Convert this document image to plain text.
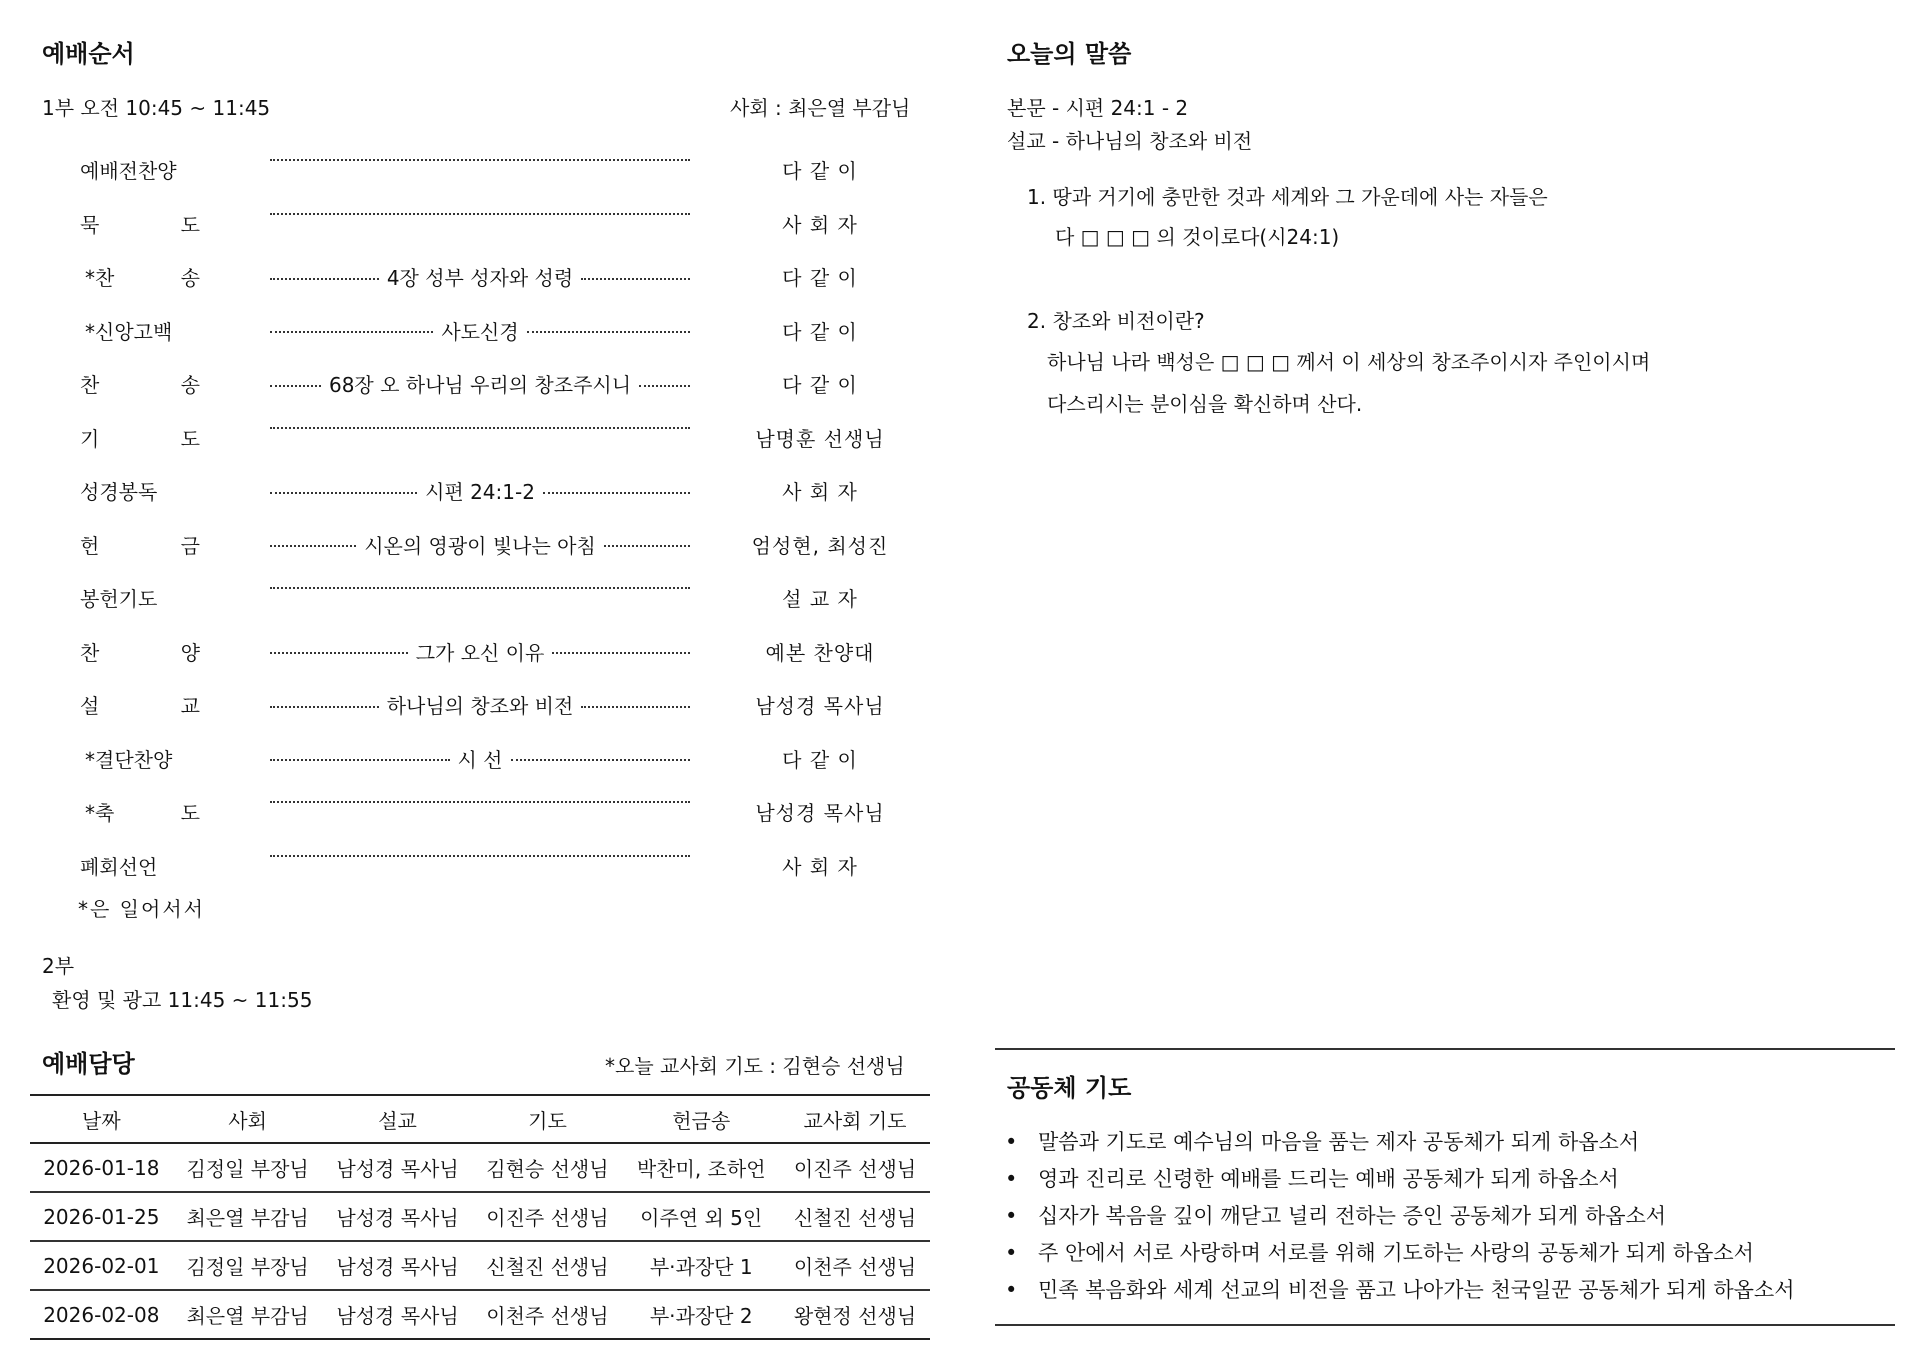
예배순서
1부 오전 10:45 ~ 11:45	사회 : 최은열 부감님
예배전찬양	다 같 이
묵 도	사 회 자
*찬 송	4장 성부 성자와 성령	다 같 이
*신앙고백	사도신경	다 같 이
찬 송	68장 오 하나님 우리의 창조주시니	다 같 이
기 도	남명훈 선생님
성경봉독	시편 24:1-2	사 회 자
헌 금	시온의 영광이 빛나는 아침	엄성현, 최성진
봉헌기도	설 교 자
찬 양	그가 오신 이유	예본 찬양대
설 교	하나님의 창조와 비전	남성경 목사님
*결단찬양	시 선	다 같 이
*축 도	남성경 목사님
폐회선언	사 회 자
*은 일어서서
2부
환영 및 광고 11:45 ~ 11:55
예배담당	*오늘 교사회 기도 : 김현승 선생님
날짜	사회	설교	기도	헌금송	교사회 기도
2026-01-18	김정일 부장님	남성경 목사님	김현승 선생님	박찬미, 조하언	이진주 선생님
2026-01-25	최은열 부감님	남성경 목사님	이진주 선생님	이주연 외 5인	신철진 선생님
2026-02-01	김정일 부장님	남성경 목사님	신철진 선생님	부·과장단 1	이천주 선생님
2026-02-08	최은열 부감님	남성경 목사님	이천주 선생님	부·과장단 2	왕현정 선생님
오늘의 말씀
본문 - 시편 24:1 - 2
설교 - 하나님의 창조와 비전
1. 땅과 거기에 충만한 것과 세계와 그 가운데에 사는 자들은
다 □ □ □ 의 것이로다(시24:1)
2. 창조와 비전이란?
하나님 나라 백성은 □ □ □ 께서 이 세상의 창조주이시자 주인이시며
다스리시는 분이심을 확신하며 산다.
공동체 기도
• 말씀과 기도로 예수님의 마음을 품는 제자 공동체가 되게 하옵소서
• 영과 진리로 신령한 예배를 드리는 예배 공동체가 되게 하옵소서
• 십자가 복음을 깊이 깨닫고 널리 전하는 증인 공동체가 되게 하옵소서
• 주 안에서 서로 사랑하며 서로를 위해 기도하는 사랑의 공동체가 되게 하옵소서
• 민족 복음화와 세계 선교의 비전을 품고 나아가는 천국일꾼 공동체가 되게 하옵소서
